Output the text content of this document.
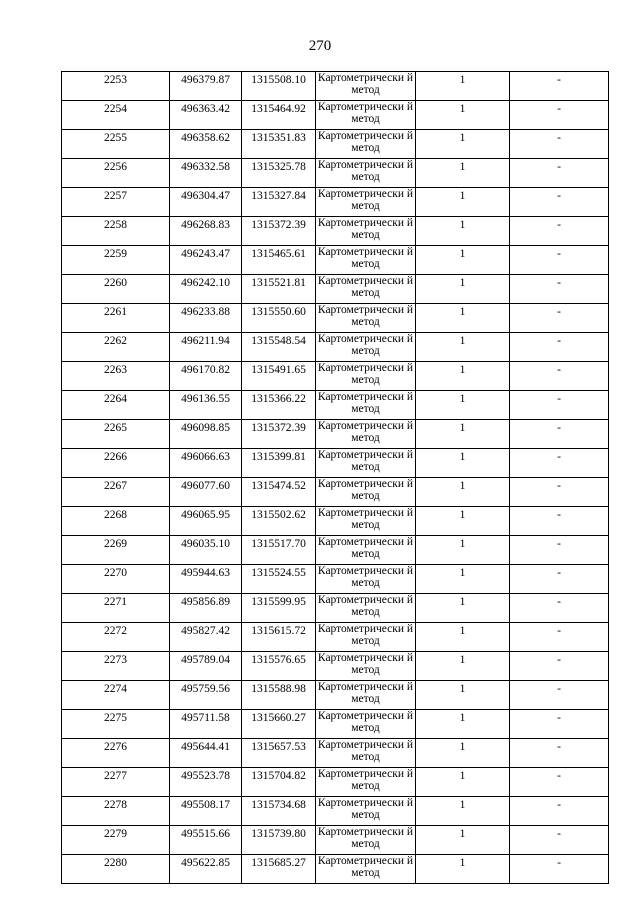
270
2253	496379.87	1315508.10	Картометрически й метод	1	-
2254	496363.42	1315464.92	Картометрически й метод	1	-
2255	496358.62	1315351.83	Картометрически й метод	1	-
2256	496332.58	1315325.78	Картометрически й метод	1	-
2257	496304.47	1315327.84	Картометрически й метод	1	-
2258	496268.83	1315372.39	Картометрически й метод	1	-
2259	496243.47	1315465.61	Картометрически й метод	1	-
2260	496242.10	1315521.81	Картометрически й метод	1	-
2261	496233.88	1315550.60	Картометрически й метод	1	-
2262	496211.94	1315548.54	Картометрически й метод	1	-
2263	496170.82	1315491.65	Картометрически й метод	1	-
2264	496136.55	1315366.22	Картометрически й метод	1	-
2265	496098.85	1315372.39	Картометрически й метод	1	-
2266	496066.63	1315399.81	Картометрически й метод	1	-
2267	496077.60	1315474.52	Картометрически й метод	1	-
2268	496065.95	1315502.62	Картометрически й метод	1	-
2269	496035.10	1315517.70	Картометрически й метод	1	-
2270	495944.63	1315524.55	Картометрически й метод	1	-
2271	495856.89	1315599.95	Картометрически й метод	1	-
2272	495827.42	1315615.72	Картометрически й метод	1	-
2273	495789.04	1315576.65	Картометрически й метод	1	-
2274	495759.56	1315588.98	Картометрически й метод	1	-
2275	495711.58	1315660.27	Картометрически й метод	1	-
2276	495644.41	1315657.53	Картометрически й метод	1	-
2277	495523.78	1315704.82	Картометрически й метод	1	-
2278	495508.17	1315734.68	Картометрически й метод	1	-
2279	495515.66	1315739.80	Картометрически й метод	1	-
2280	495622.85	1315685.27	Картометрически й метод	1	-
